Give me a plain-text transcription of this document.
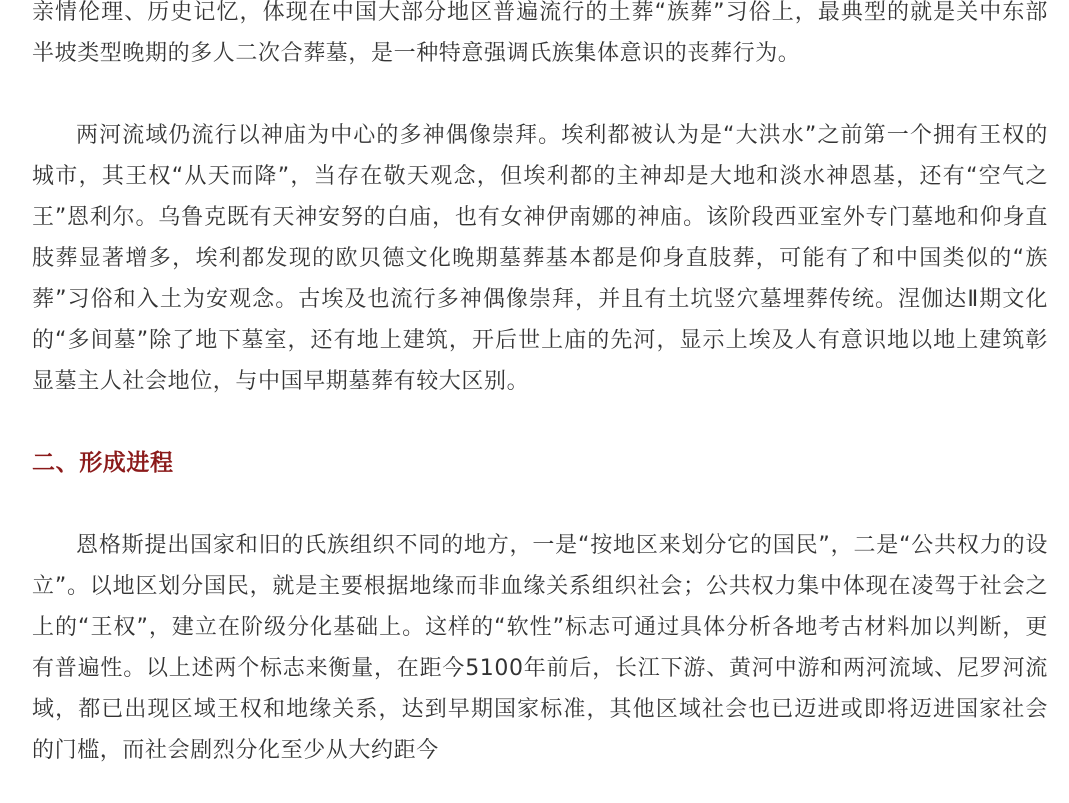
亲情伦理、历史记忆，体现在中国大部分地区普遍流行的土葬“族葬”习俗上，最典型的就是关中东部半坡类型晚期的多人二次合葬墓，是一种特意强调氏族集体意识的丧葬行为。

两河流域仍流行以神庙为中心的多神偶像崇拜。埃利都被认为是“大洪水”之前第一个拥有王权的城市，其王权“从天而降”，当存在敬天观念，但埃利都的主神却是大地和淡水神恩基，还有“空气之王”恩利尔。乌鲁克既有天神安努的白庙，也有女神伊南娜的神庙。该阶段西亚室外专门墓地和仰身直肢葬显著增多，埃利都发现的欧贝德文化晚期墓葬基本都是仰身直肢葬，可能有了和中国类似的“族葬”习俗和入土为安观念。古埃及也流行多神偶像崇拜，并且有土坑竖穴墓埋葬传统。涅伽达Ⅱ期文化的“多间墓”除了地下墓室，还有地上建筑，开后世上庙的先河，显示上埃及人有意识地以地上建筑彰显墓主人社会地位，与中国早期墓葬有较大区别。

二、形成进程

恩格斯提出国家和旧的氏族组织不同的地方，一是“按地区来划分它的国民”，二是“公共权力的设立”。以地区划分国民，就是主要根据地缘而非血缘关系组织社会；公共权力集中体现在凌驾于社会之上的“王权”，建立在阶级分化基础上。这样的“软性”标志可通过具体分析各地考古材料加以判断，更有普遍性。以上述两个标志来衡量，在距今5100年前后，长江下游、黄河中游和两河流域、尼罗河流域，都已出现区域王权和地缘关系，达到早期国家标准，其他区域社会也已迈进或即将迈进国家社会的门槛，而社会剧烈分化至少从大约距今
